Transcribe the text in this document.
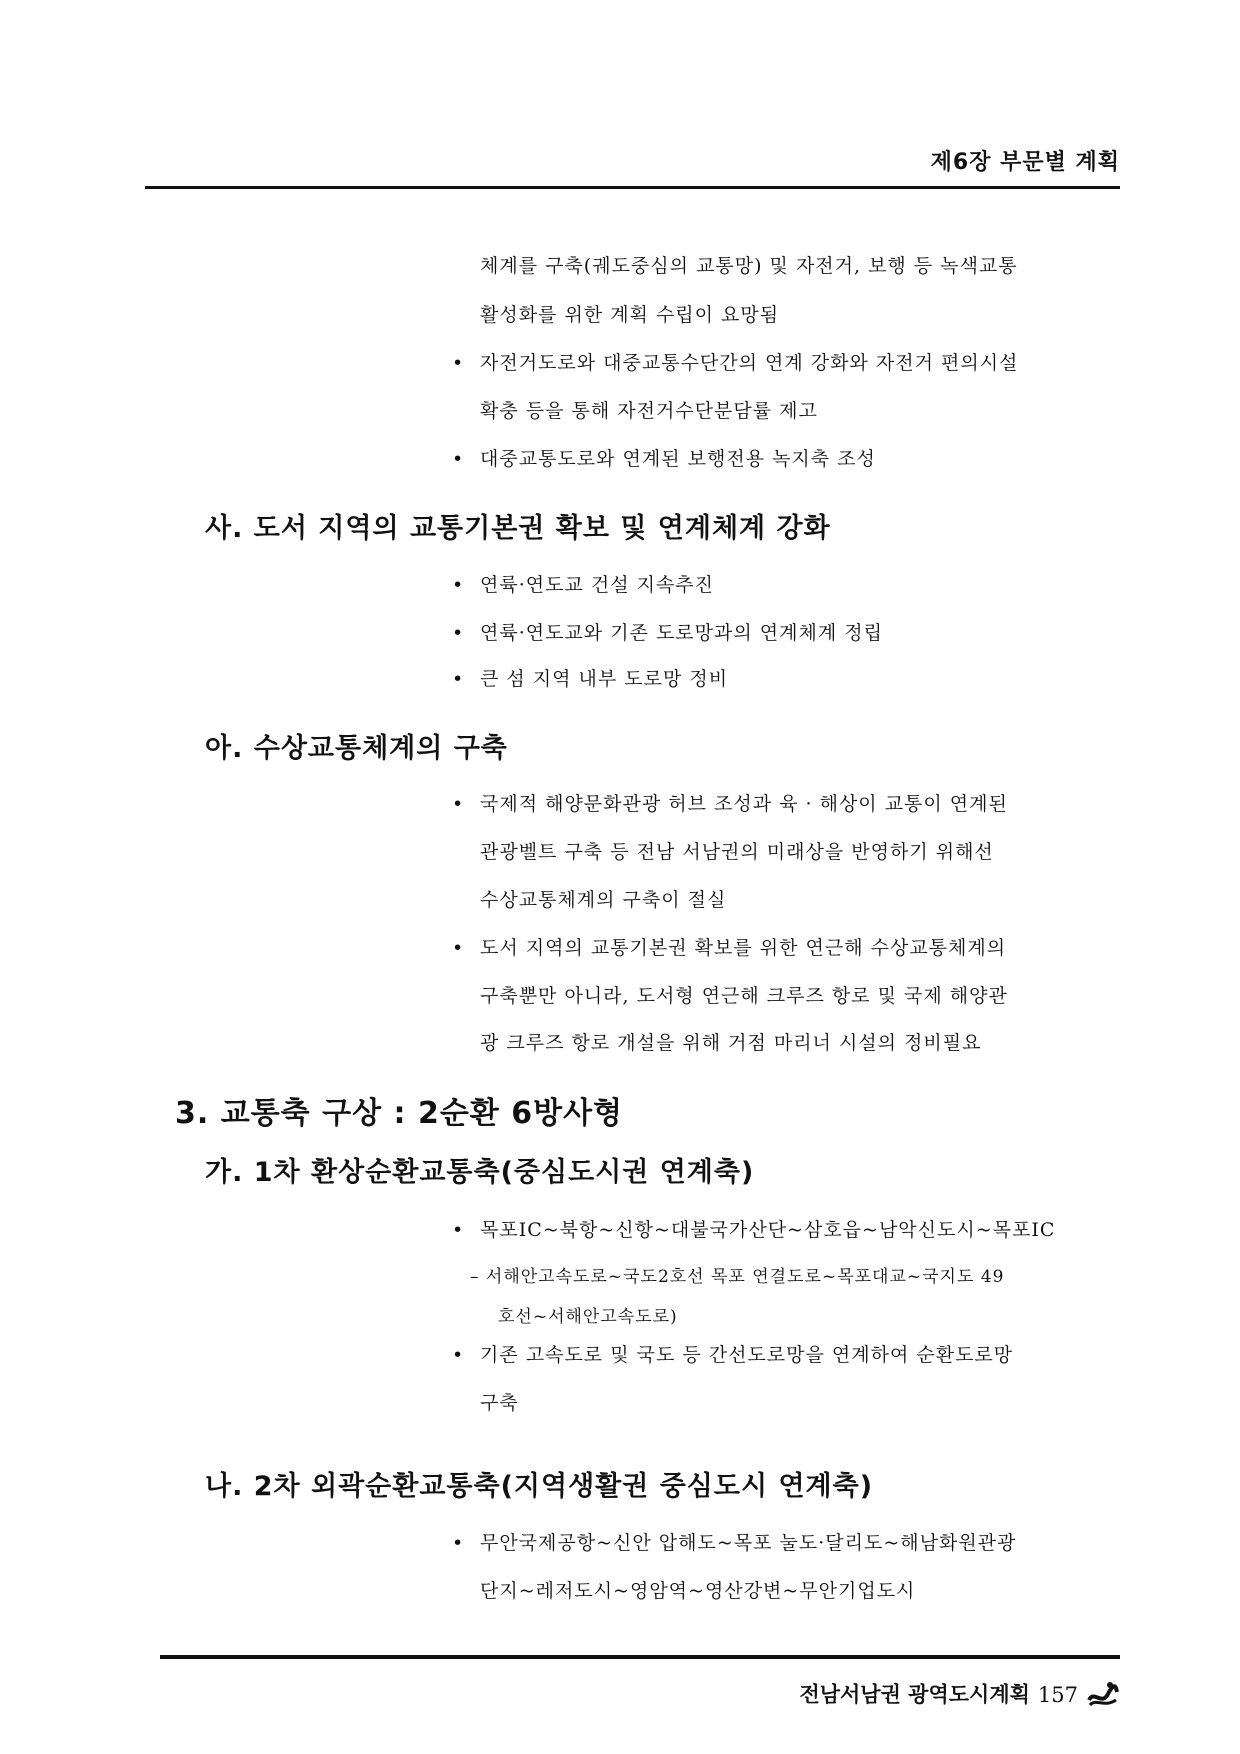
제6장 부문별 계획
체계를 구축(궤도중심의 교통망) 및 자전거, 보행 등 녹색교통
활성화를 위한 계획 수립이 요망됨
• 자전거도로와 대중교통수단간의 연계 강화와 자전거 편의시설
확충 등을 통해 자전거수단분담률 제고
• 대중교통도로와 연계된 보행전용 녹지축 조성
사. 도서 지역의 교통기본권 확보 및 연계체계 강화
• 연륙·연도교 건설 지속추진
• 연륙·연도교와 기존 도로망과의 연계체계 정립
• 큰 섬 지역 내부 도로망 정비
아. 수상교통체계의 구축
• 국제적 해양문화관광 허브 조성과 육 · 해상이 교통이 연계된
관광벨트 구축 등 전남 서남권의 미래상을 반영하기 위해선
수상교통체계의 구축이 절실
• 도서 지역의 교통기본권 확보를 위한 연근해 수상교통체계의
구축뿐만 아니라, 도서형 연근해 크루즈 항로 및 국제 해양관
광 크루즈 항로 개설을 위해 거점 마리너 시설의 정비필요
3. 교통축 구상 : 2순환 6방사형
가. 1차 환상순환교통축(중심도시권 연계축)
• 목포IC~북항~신항~대불국가산단~삼호읍~남악신도시~목포IC
– 서해안고속도로~국도2호선 목포 연결도로~목포대교~국지도 49
호선~서해안고속도로)
• 기존 고속도로 및 국도 등 간선도로망을 연계하여 순환도로망
구축
나. 2차 외곽순환교통축(지역생활권 중심도시 연계축)
• 무안국제공항~신안 압해도~목포 눌도·달리도~해남화원관광
단지~레저도시~영암역~영산강변~무안기업도시
전남서남권 광역도시계획 157
